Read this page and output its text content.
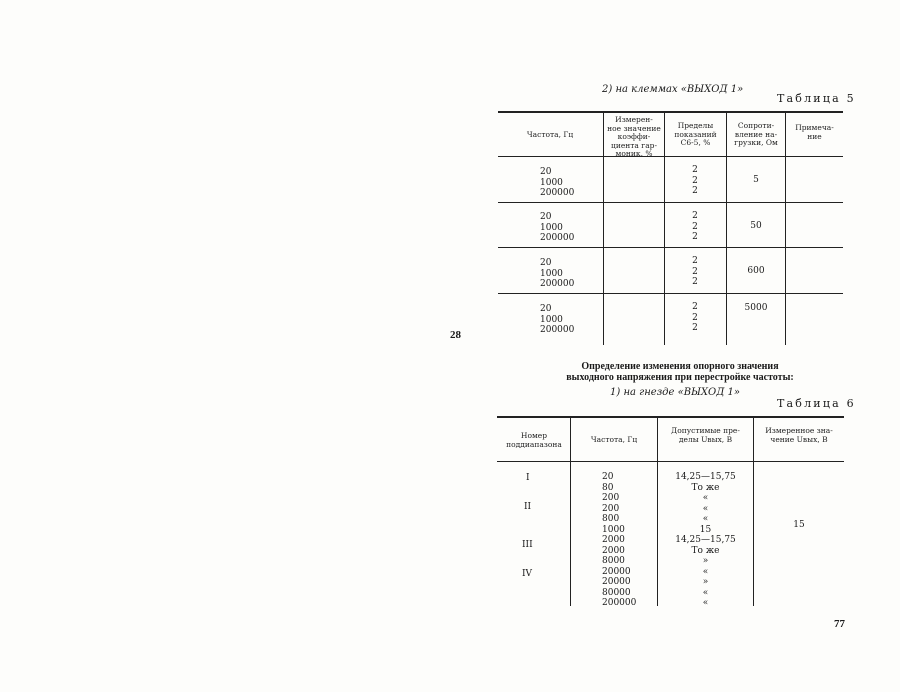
28
2) на клеммах «ВЫХОД 1»
Таблица 5
Частота, Гц
Измерен-
ное значение
коэффи-
циента гар-
моник, %
Пределы
показаний
С6-5, %
Сопроти-
вление на-
грузки, Ом
Примеча-
ние
20
1000
200000
2
2
2
5
20
1000
200000
2
2
2
50
20
1000
200000
2
2
2
600
20
1000
200000
2
2
2
5000
Определение изменения опорного значения
выходного напряжения при перестройке частоты:
1) на гнезде «ВЫХОД 1»
Таблица 6
Номер
поддиапазона	Частота, Гц
Допустимые пре-
делы Uвых, В
Измеренное зна-
чение Uвых, В
I
II
III
IV
20
80
200
200
800
1000
2000
2000
8000
20000
20000
80000
200000
14,25—15,75
То же
«
«
«
15
14,25—15,75
То же
»
«
»
«
«
15
77
